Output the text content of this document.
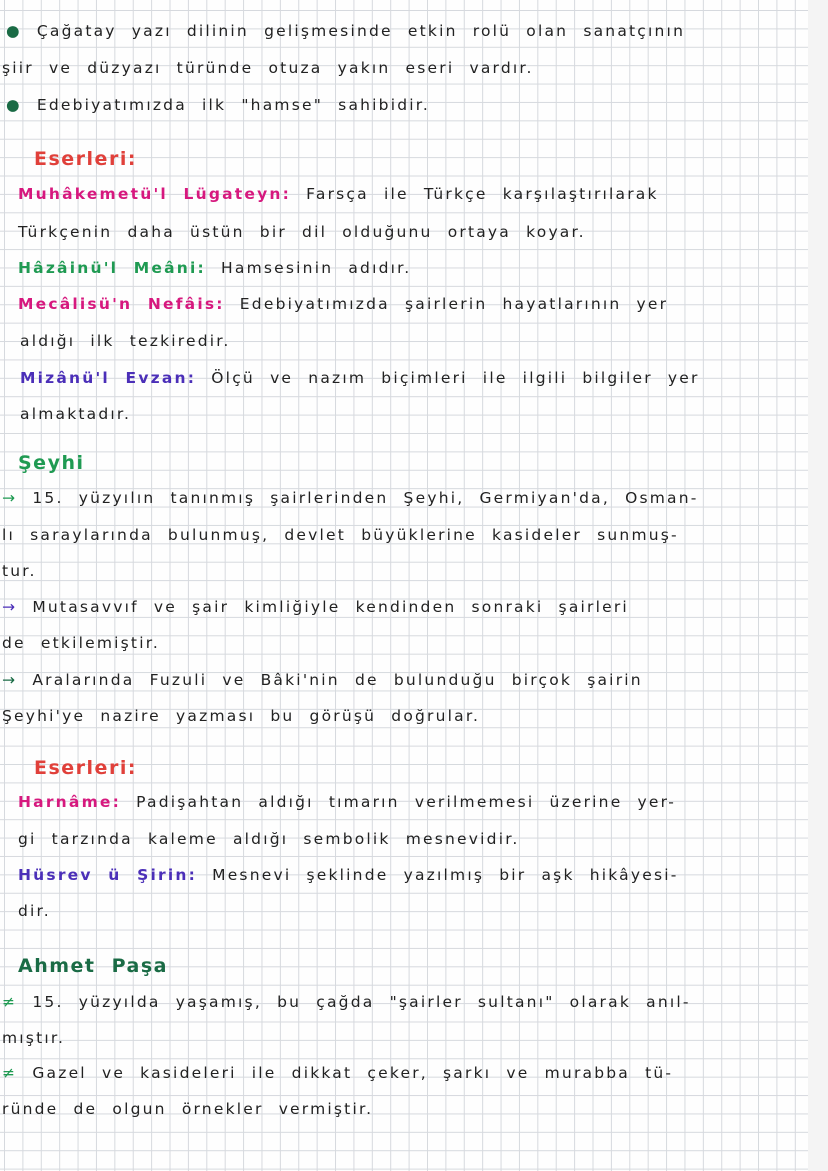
● Çağatay yazı dilinin gelişmesinde etkin rolü olan sanatçının
şiir ve düzyazı türünde otuza yakın eseri vardır.
● Edebiyatımızda ilk "hamse" sahibidir.
Eserleri:
Muhâkemetü'l Lügateyn: Farsça ile Türkçe karşılaştırılarak
Türkçenin daha üstün bir dil olduğunu ortaya koyar.
Hâzâinü'l Meâni: Hamsesinin adıdır.
Mecâlisü'n Nefâis: Edebiyatımızda şairlerin hayatlarının yer
aldığı ilk tezkiredir.
Mizânü'l Evzan: Ölçü ve nazım biçimleri ile ilgili bilgiler yer
almaktadır.
Şeyhi
→ 15. yüzyılın tanınmış şairlerinden Şeyhi, Germiyan'da, Osman-
lı saraylarında bulunmuş, devlet büyüklerine kasideler sunmuş-
tur.
→ Mutasavvıf ve şair kimliğiyle kendinden sonraki şairleri
de etkilemiştir.
→ Aralarında Fuzuli ve Bâki'nin de bulunduğu birçok şairin
Şeyhi'ye nazire yazması bu görüşü doğrular.
Eserleri:
Harnâme: Padişahtan aldığı tımarın verilmemesi üzerine yer-
gi tarzında kaleme aldığı sembolik mesnevidir.
Hüsrev ü Şirin: Mesnevi şeklinde yazılmış bir aşk hikâyesi-
dir.
Ahmet Paşa
≠ 15. yüzyılda yaşamış, bu çağda "şairler sultanı" olarak anıl-
mıştır.
≠ Gazel ve kasideleri ile dikkat çeker, şarkı ve murabba tü-
ründe de olgun örnekler vermiştir.
